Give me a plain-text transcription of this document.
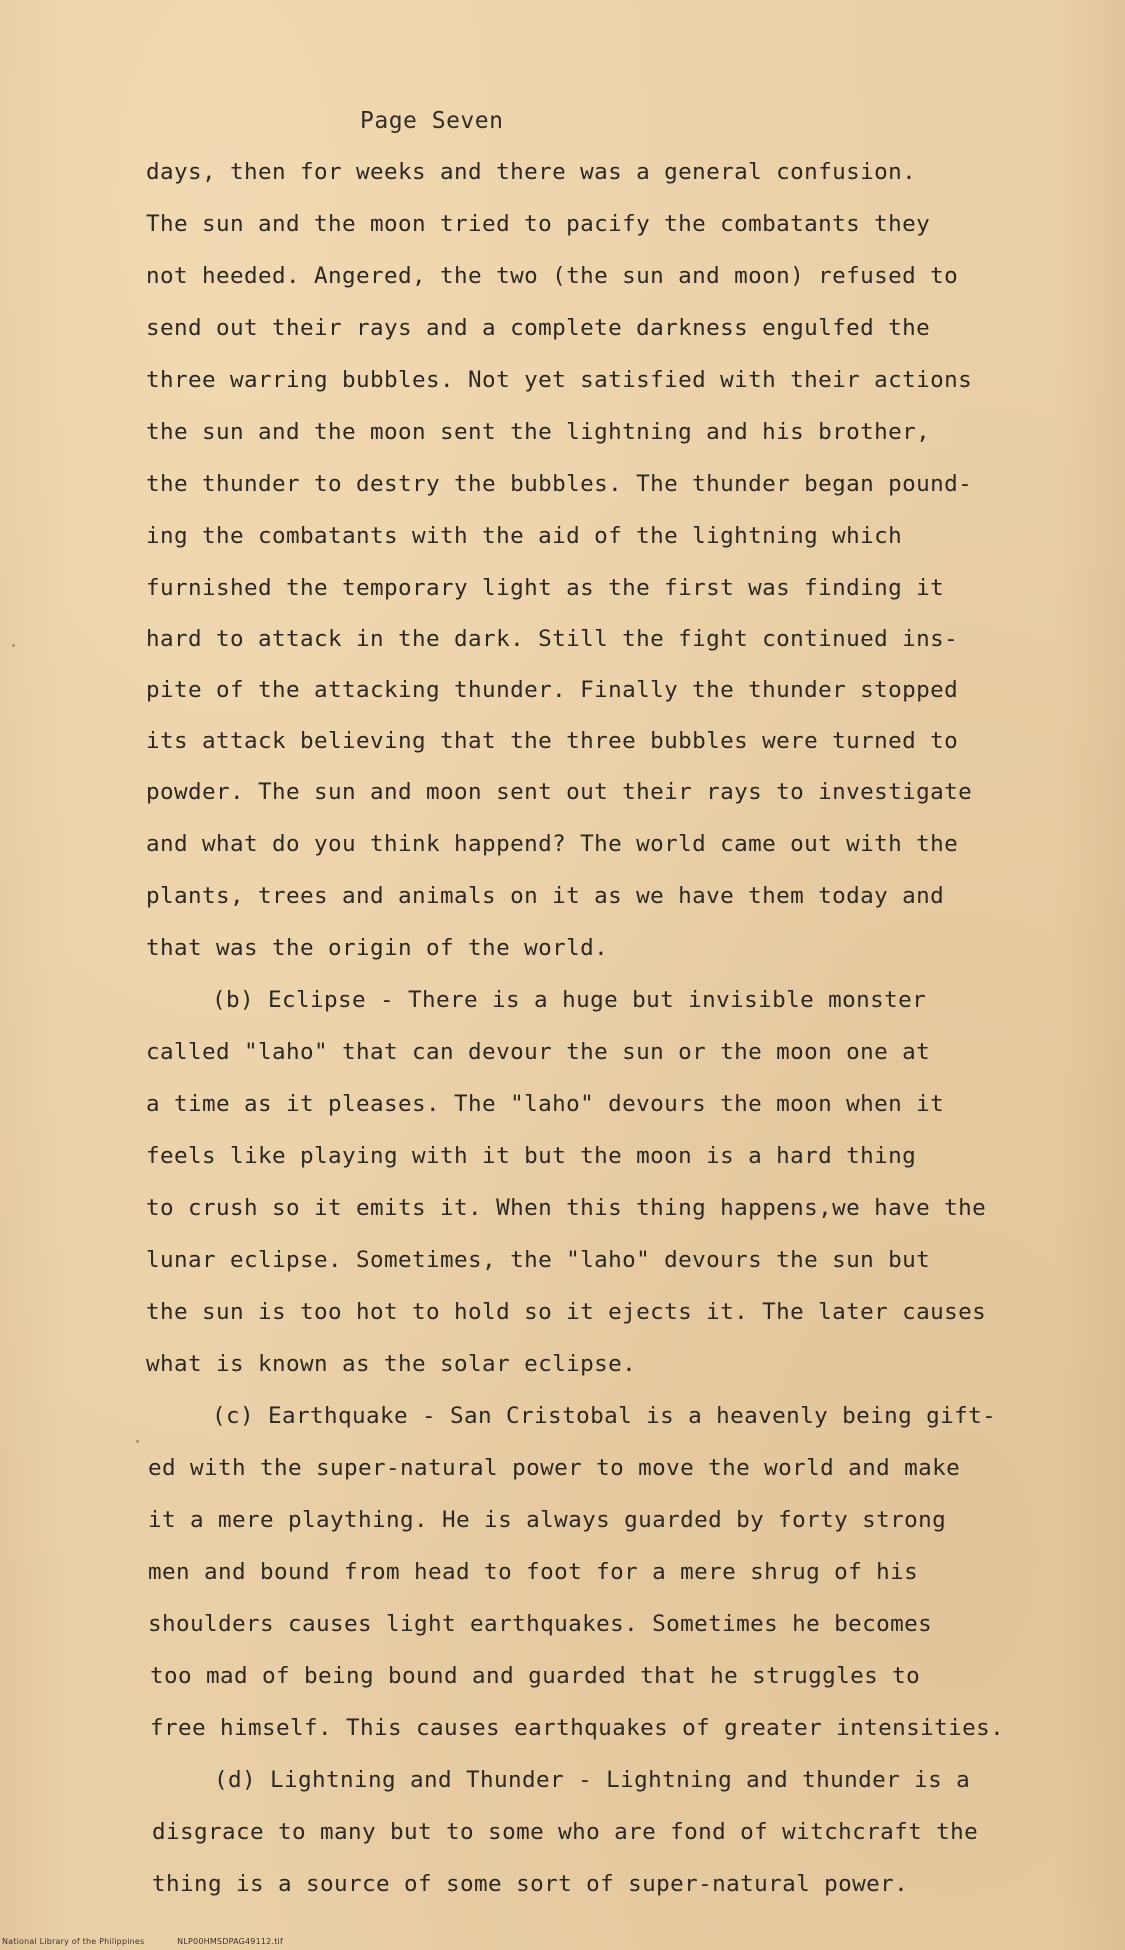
Page Seven
days, then for weeks and there was a general confusion.
The sun and the moon tried to pacify the combatants they
not heeded. Angered, the two (the sun and moon) refused to
send out their rays and a complete darkness engulfed the
three warring bubbles. Not yet satisfied with their actions
the sun and the moon sent the lightning and his brother,
the thunder to destry the bubbles. The thunder began pound-
ing the combatants with the aid of the lightning which
furnished the temporary light as the first was finding it
hard to attack in the dark. Still the fight continued ins-
pite of the attacking thunder. Finally the thunder stopped
its attack believing that the three bubbles were turned to
powder. The sun and moon sent out their rays to investigate
and what do you think happend? The world came out with the
plants, trees and animals on it as we have them today and
that was the origin of the world.
(b) Eclipse - There is a huge but invisible monster
called "laho" that can devour the sun or the moon one at
a time as it pleases. The "laho" devours the moon when it
feels like playing with it but the moon is a hard thing
to crush so it emits it. When this thing happens,we have the
lunar eclipse. Sometimes, the "laho" devours the sun but
the sun is too hot to hold so it ejects it. The later causes
what is known as the solar eclipse.
(c) Earthquake - San Cristobal is a heavenly being gift-
ed with the super-natural power to move the world and make
it a mere plaything. He is always guarded by forty strong
men and bound from head to foot for a mere shrug of his
shoulders causes light earthquakes. Sometimes he becomes
too mad of being bound and guarded that he struggles to
free himself. This causes earthquakes of greater intensities.
(d) Lightning and Thunder - Lightning and thunder is a
disgrace to many but to some who are fond of witchcraft the
thing is a source of some sort of super-natural power.
National Library of the Philippines	NLP00HMSDPAG49112.tif
